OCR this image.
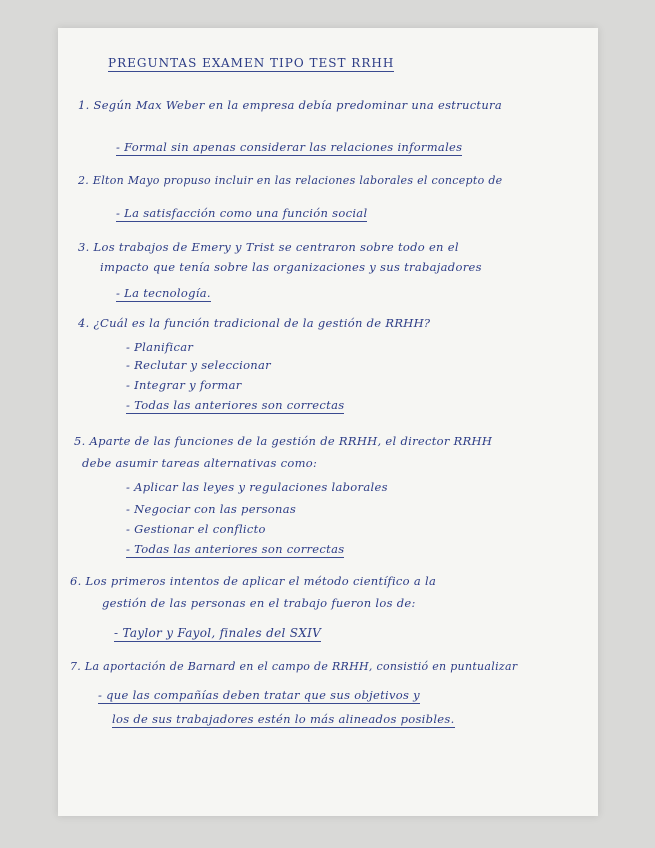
PREGUNTAS EXAMEN TIPO TEST RRHH
1. Según Max Weber en la empresa debía predominar una estructura
- Formal sin apenas considerar las relaciones informales
2. Elton Mayo propuso incluir en las relaciones laborales el concepto de
- La satisfacción como una función social
3. Los trabajos de Emery y Trist se centraron sobre todo en el
impacto que tenía sobre las organizaciones y sus trabajadores
- La tecnología.
4. ¿Cuál es la función tradicional de la gestión de RRHH?
- Planificar
- Reclutar y seleccionar
- Integrar y formar
- Todas las anteriores son correctas
5. Aparte de las funciones de la gestión de RRHH, el director RRHH
debe asumir tareas alternativas como:
- Aplicar las leyes y regulaciones laborales
- Negociar con las personas
- Gestionar el conflicto
- Todas las anteriores son correctas
6. Los primeros intentos de aplicar el método científico a la
gestión de las personas en el trabajo fueron los de:
- Taylor y Fayol, finales del SXIV
7. La aportación de Barnard en el campo de RRHH, consistió en puntualizar
- que las compañías deben tratar que sus objetivos y
los de sus trabajadores estén lo más alineados posibles.
